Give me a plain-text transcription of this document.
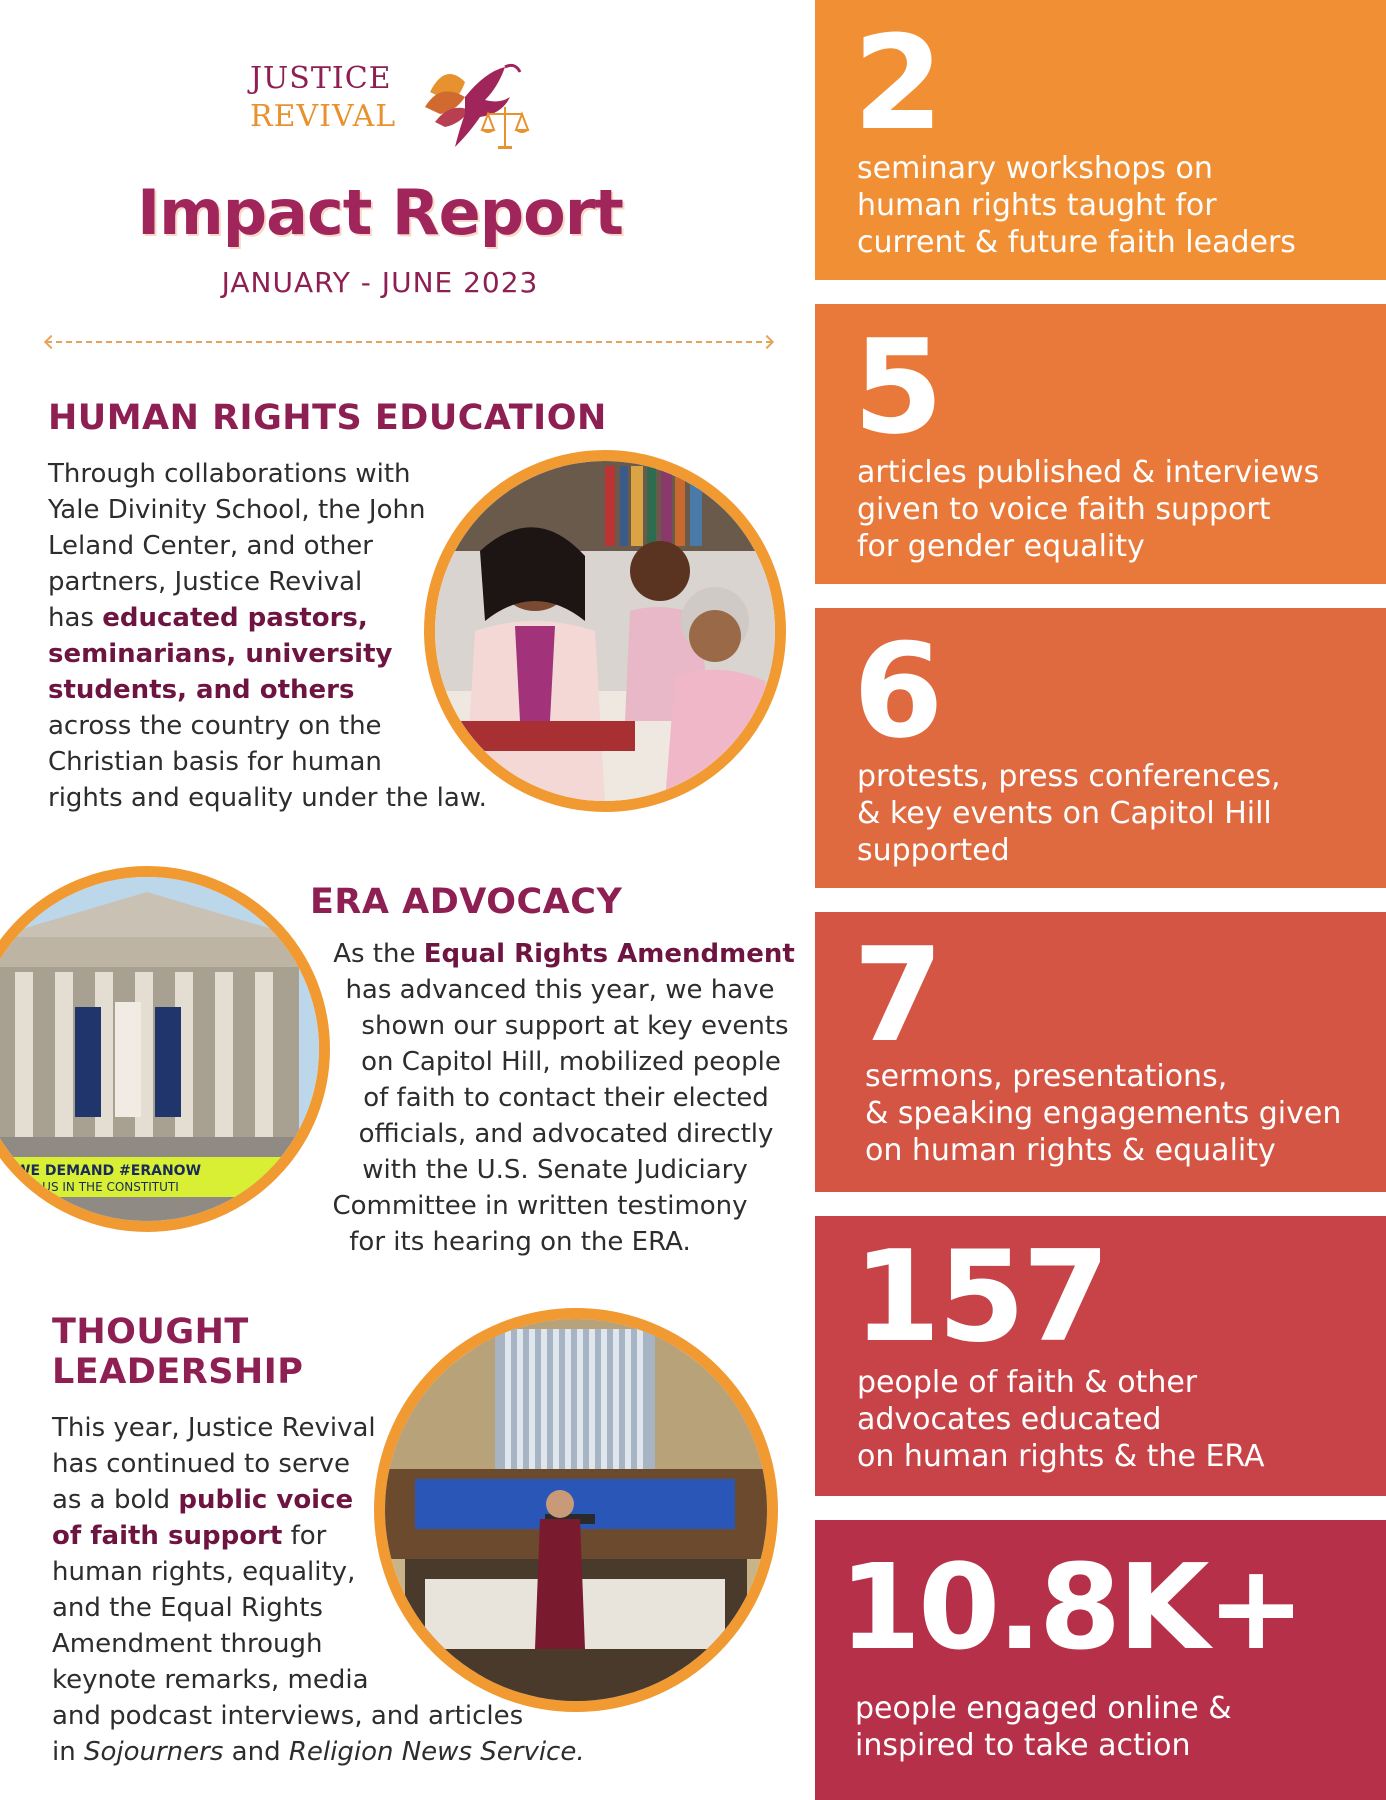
JUSTICE
REVIVAL
Impact Report
JANUARY - JUNE 2023
HUMAN RIGHTS EDUCATION
Through collaborations with
Yale Divinity School, the John
Leland Center, and other
partners, Justice Revival
has educated pastors,
seminarians, university
students, and others
across the country on the
Christian basis for human
rights and equality under the law.
WE DEMAND #ERANOW
PUT US IN THE CONSTITUTI
ERA ADVOCACY
As the Equal Rights Amendment
has advanced this year, we have
shown our support at key events
on Capitol Hill, mobilized people
of faith to contact their elected
officials, and advocated directly
with the U.S. Senate Judiciary
Committee in written testimony
for its hearing on the ERA.
THOUGHT
LEADERSHIP
This year, Justice Revival
has continued to serve
as a bold public voice
of faith support for
human rights, equality,
and the Equal Rights
Amendment through
keynote remarks, media
and podcast interviews, and articles
in Sojourners and Religion News Service.
2
seminary workshops on
human rights taught for
current & future faith leaders
5
articles published & interviews
given to voice faith support
for gender equality
6
protests, press conferences,
& key events on Capitol Hill
supported
7
sermons, presentations,
& speaking engagements given
on human rights & equality
157
people of faith & other
advocates educated
on human rights & the ERA
10.8K+
people engaged online &
inspired to take action
